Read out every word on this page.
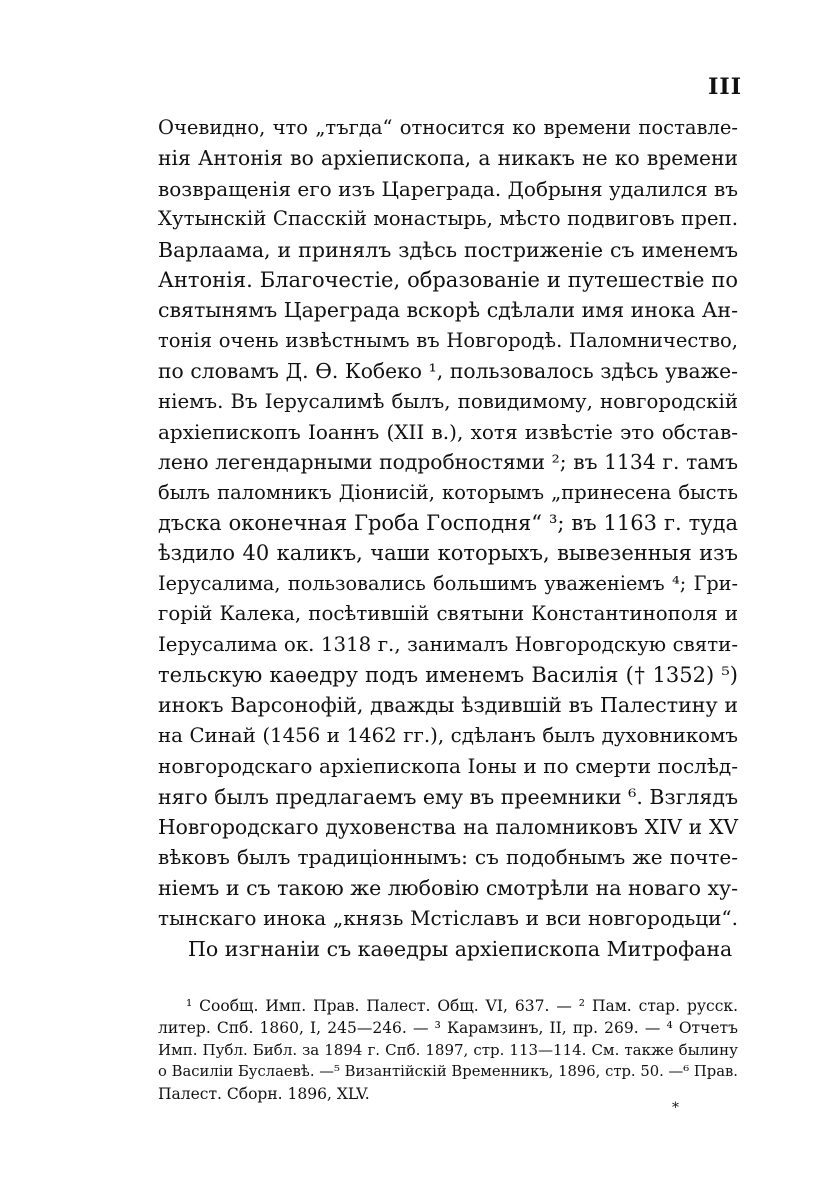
III
Очевидно, что „тъгда“ относится ко времени поставле-
нія Антонія во архіепископа, а никакъ не ко времени
возвращенія его изъ Цареграда. Добрыня удалился въ
Хутынскій Спасскій монастырь, мѣсто подвиговъ преп.
Варлаама, и принялъ здѣсь постриженіе съ именемъ
Антонія. Благочестіе, образованіе и путешествіе по
святынямъ Цареграда вскорѣ сдѣлали имя инока Ан-
тонія очень извѣстнымъ въ Новгородѣ. Паломничество,
по словамъ Д. Ѳ. Кобеко ¹, пользовалось здѣсь уваже-
ніемъ. Въ Іерусалимѣ былъ, повидимому, новгородскій
архіепископъ Іоаннъ (XII в.), хотя извѣстіе это обстав-
лено легендарными подробностями ²; въ 1134 г. тамъ
былъ паломникъ Діонисій, которымъ „принесена бысть
дъска оконечная Гроба Господня“ ³; въ 1163 г. туда
ѣздило 40 каликъ, чаши которыхъ, вывезенныя изъ
Іерусалима, пользовались большимъ уваженіемъ ⁴; Гри-
горій Калека, посѣтившій святыни Константинополя и
Іерусалима ок. 1318 г., занималъ Новгородскую святи-
тельскую каѳедру подъ именемъ Василія († 1352) ⁵)
инокъ Варсонофій, дважды ѣздившій въ Палестину и
на Синай (1456 и 1462 гг.), сдѣланъ былъ духовникомъ
новгородскаго архіепископа Іоны и по смерти послѣд-
няго былъ предлагаемъ ему въ преемники ⁶. Взглядъ
Новгородскаго духовенства на паломниковъ XIV и XV
вѣковъ былъ традиціоннымъ: съ подобнымъ же почте-
ніемъ и съ такою же любовію смотрѣли на новаго ху-
тынскаго инока „князь Мстіславъ и вси новгородьци“.
По изгнаніи съ каѳедры архіепископа Митрофана
¹ Сообщ. Имп. Прав. Палест. Общ. VI, 637. — ² Пам. стар. русск.
литер. Спб. 1860, I, 245—246. — ³ Карамзинъ, II, пр. 269. — ⁴ Отчетъ
Имп. Публ. Библ. за 1894 г. Спб. 1897, стр. 113—114. См. также былину
о Василіи Буслаевѣ. —⁵ Византійскій Временникъ, 1896, стр. 50. —⁶ Прав.
Палест. Сборн. 1896, XLV.
*
